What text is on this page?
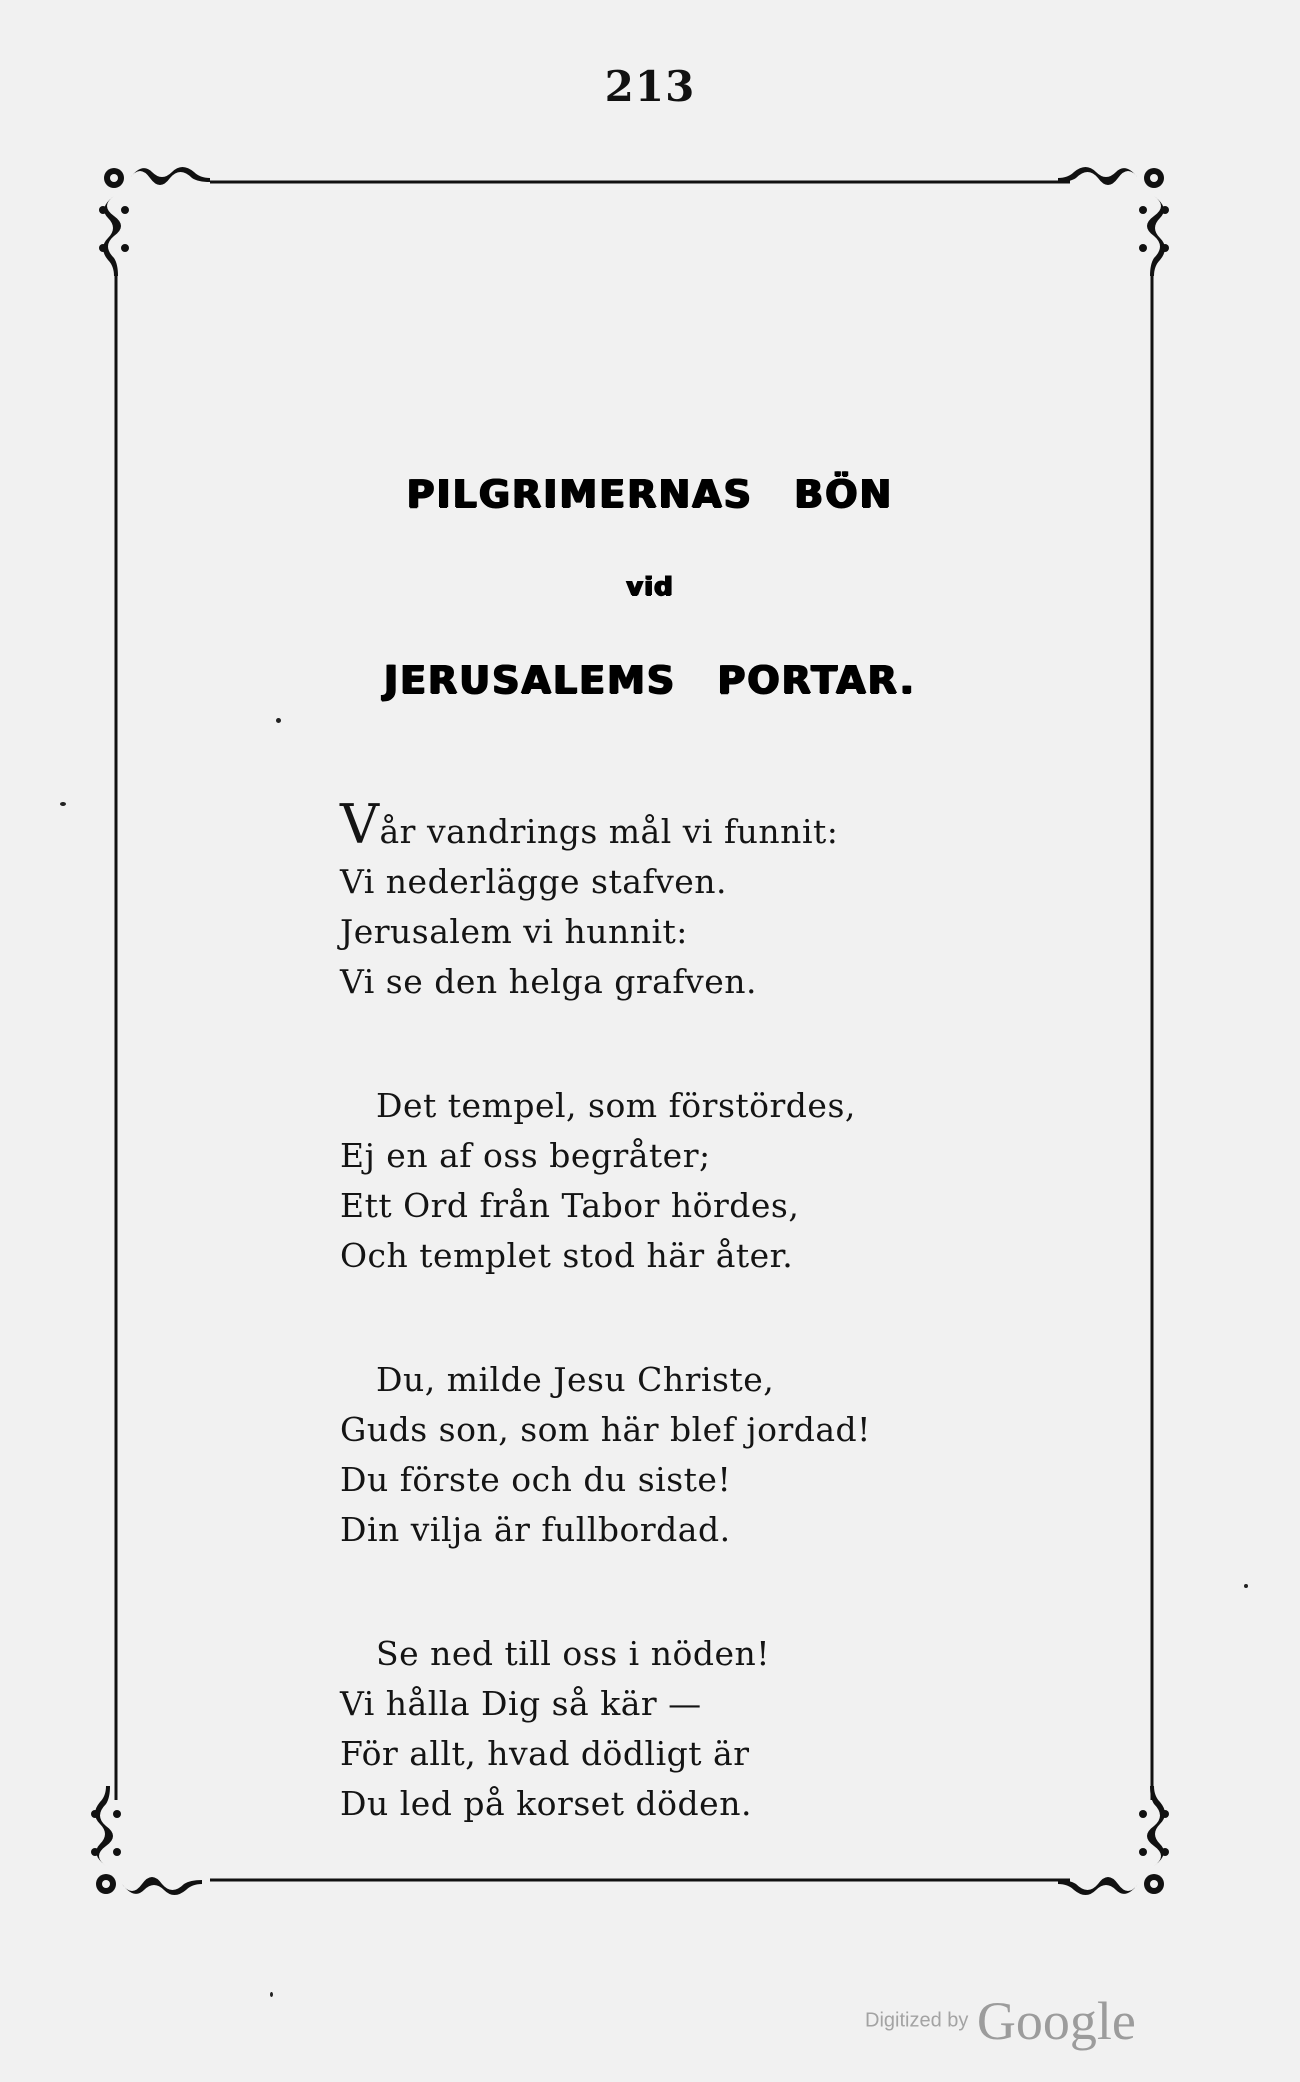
213
PILGRIMERNAS BÖN
vid
JERUSALEMS PORTAR.
Vår vandrings mål vi funnit:
Vi nederlägge stafven.
Jerusalem vi hunnit:
Vi se den helga grafven.
Det tempel, som förstördes,
Ej en af oss begråter;
Ett Ord från Tabor hördes,
Och templet stod här åter.
Du, milde Jesu Christe,
Guds son, som här blef jordad!
Du förste och du siste!
Din vilja är fullbordad.
Se ned till oss i nöden!
Vi hålla Dig så kär —
För allt, hvad dödligt är
Du led på korset döden.
Digitized by Google
